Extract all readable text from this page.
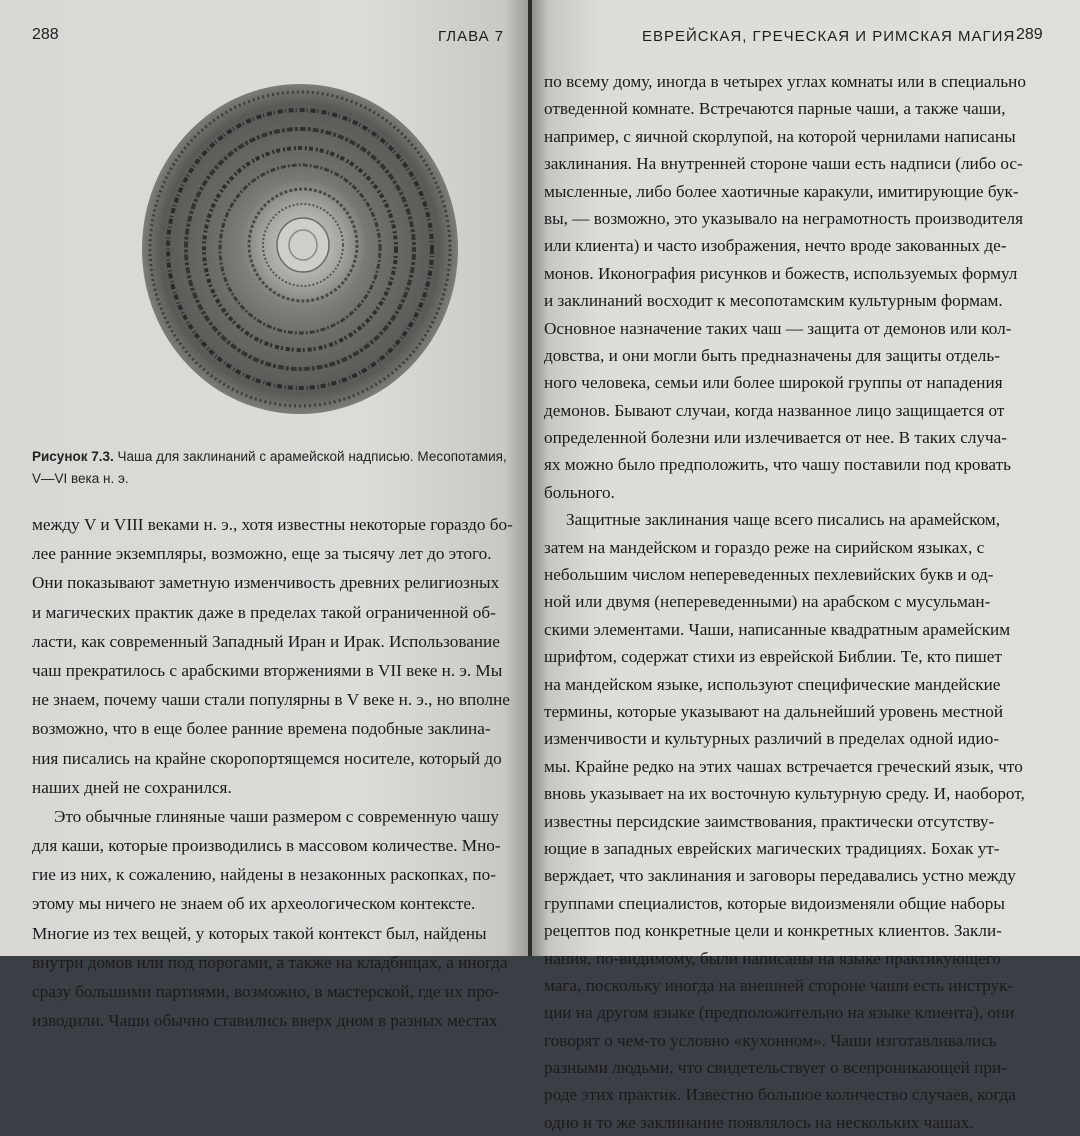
288	ГЛАВА 7
Рисунок 7.3. Чаша для заклинаний с арамейской надписью. Месопотамия,
V—VI века н. э.
между V и VIII веками н. э., хотя известны некоторые гораздо бо-
лее ранние экземпляры, возможно, еще за тысячу лет до этого.
Они показывают заметную изменчивость древних религиозных
и магических практик даже в пределах такой ограниченной об-
ласти, как современный Западный Иран и Ирак. Использование
чаш прекратилось с арабскими вторжениями в VII веке н. э. Мы
не знаем, почему чаши стали популярны в V веке н. э., но вполне
возможно, что в еще более ранние времена подобные заклина-
ния писались на крайне скоропортящемся носителе, который до
наших дней не сохранился.
Это обычные глиняные чаши размером с современную чашу
для каши, которые производились в массовом количестве. Мно-
гие из них, к сожалению, найдены в незаконных раскопках, по-
этому мы ничего не знаем об их археологическом контексте.
Многие из тех вещей, у которых такой контекст был, найдены
внутри домов или под порогами, а также на кладбищах, а иногда
сразу большими партиями, возможно, в мастерской, где их про-
изводили. Чаши обычно ставились вверх дном в разных местах
ЕВРЕЙСКАЯ, ГРЕЧЕСКАЯ И РИМСКАЯ МАГИЯ 289
по всему дому, иногда в четырех углах комнаты или в специально
отведенной комнате. Встречаются парные чаши, а также чаши,
например, с яичной скорлупой, на которой чернилами написаны
заклинания. На внутренней стороне чаши есть надписи (либо ос-
мысленные, либо более хаотичные каракули, имитирующие бук-
вы, — возможно, это указывало на неграмотность производителя
или клиента) и часто изображения, нечто вроде закованных де-
монов. Иконография рисунков и божеств, используемых формул
и заклинаний восходит к месопотамским культурным формам.
Основное назначение таких чаш — защита от демонов или кол-
довства, и они могли быть предназначены для защиты отдель-
ного человека, семьи или более широкой группы от нападения
демонов. Бывают случаи, когда названное лицо защищается от
определенной болезни или излечивается от нее. В таких случа-
ях можно было предположить, что чашу поставили под кровать
больного.
Защитные заклинания чаще всего писались на арамейском,
затем на мандейском и гораздо реже на сирийском языках, с
небольшим числом непереведенных пехлевийских букв и од-
ной или двумя (непереведенными) на арабском с мусульман-
скими элементами. Чаши, написанные квадратным арамейским
шрифтом, содержат стихи из еврейской Библии. Те, кто пишет
на мандейском языке, используют специфические мандейские
термины, которые указывают на дальнейший уровень местной
изменчивости и культурных различий в пределах одной идио-
мы. Крайне редко на этих чашах встречается греческий язык, что
вновь указывает на их восточную культурную среду. И, наоборот,
известны персидские заимствования, практически отсутству-
ющие в западных еврейских магических традициях. Бохак ут-
верждает, что заклинания и заговоры передавались устно между
группами специалистов, которые видоизменяли общие наборы
рецептов под конкретные цели и конкретных клиентов. Закли-
нания, по-видимому, были написаны на языке практикующего
мага, поскольку иногда на внешней стороне чаши есть инструк-
ции на другом языке (предположительно на языке клиента), они
говорят о чем-то условно «кухонном». Чаши изготавливались
разными людьми, что свидетельствует о всепроникающей при-
роде этих практик. Известно большое количество случаев, когда
одно и то же заклинание появлялось на нескольких чашах.
